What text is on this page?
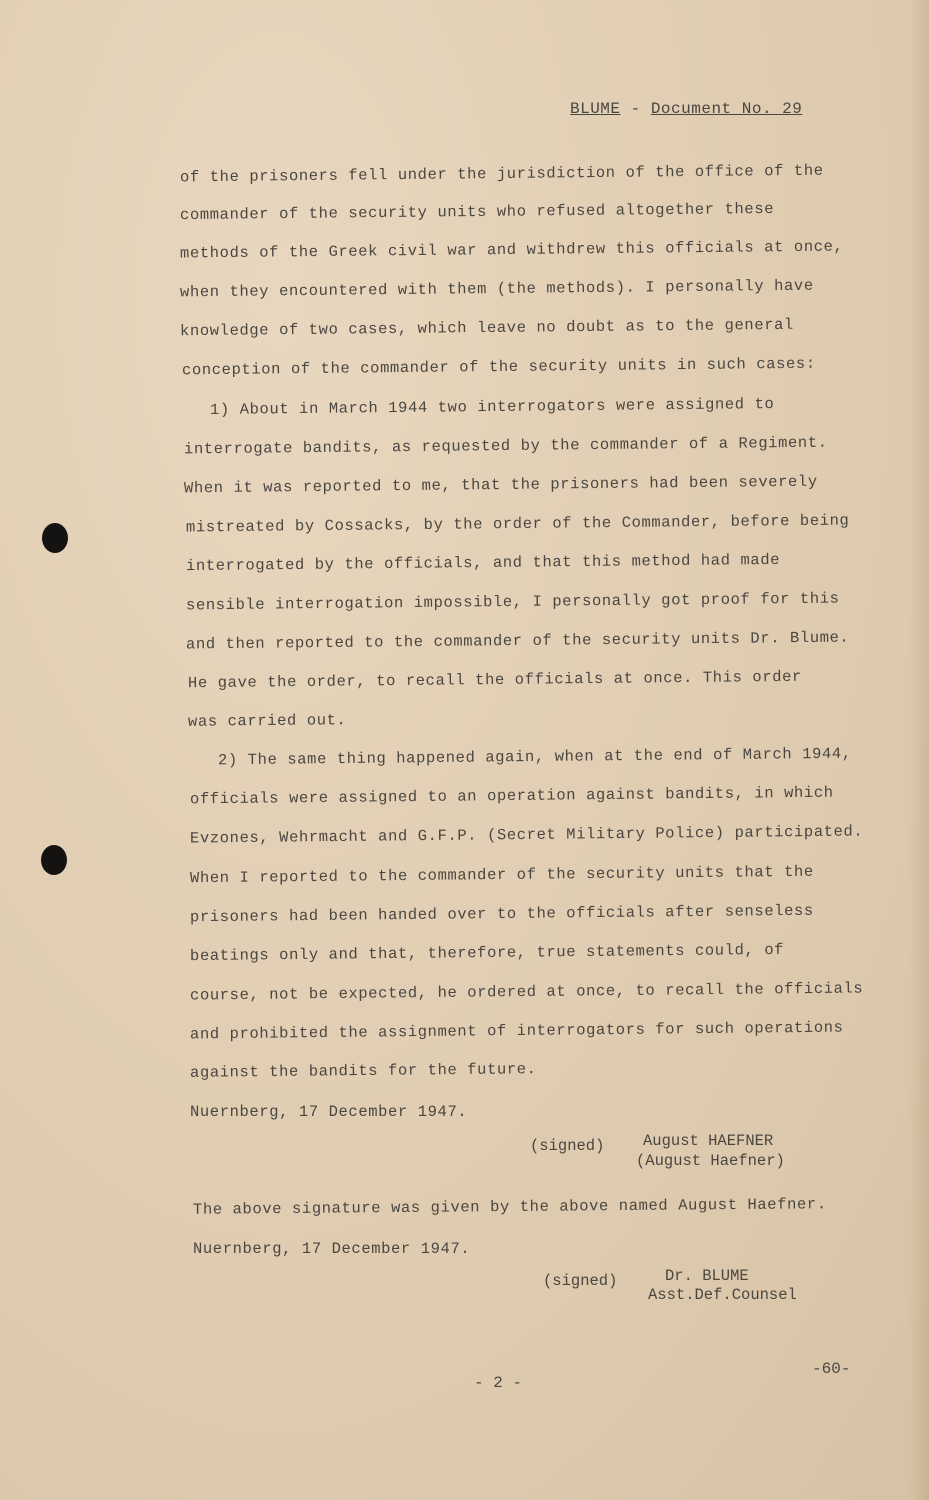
BLUME - Document No. 29
of the prisoners fell under the jurisdiction of the office of the
commander of the security units who refused altogether these
methods of the Greek civil war and withdrew this officials at once,
when they encountered with them (the methods). I personally have
knowledge of two cases, which leave no doubt as to the general
conception of the commander of the security units in such cases:
1) About in March 1944 two interrogators were assigned to
interrogate bandits, as requested by the commander of a Regiment.
When it was reported to me, that the prisoners had been severely
mistreated by Cossacks, by the order of the Commander, before being
interrogated by the officials, and that this method had made
sensible interrogation impossible, I personally got proof for this
and then reported to the commander of the security units Dr. Blume.
He gave the order, to recall the officials at once. This order
was carried out.
2) The same thing happened again, when at the end of March 1944,
officials were assigned to an operation against bandits, in which
Evzones, Wehrmacht and G.F.P. (Secret Military Police) participated.
When I reported to the commander of the security units that the
prisoners had been handed over to the officials after senseless
beatings only and that, therefore, true statements could, of
course, not be expected, he ordered at once, to recall the officials
and prohibited the assignment of interrogators for such operations
against the bandits for the future.
Nuernberg, 17 December 1947.
(signed) August HAEFNER
(August Haefner)
The above signature was given by the above named August Haefner.
Nuernberg, 17 December 1947.
(signed)	Dr. BLUME
Asst.Def.Counsel
- 2 -
-60-
